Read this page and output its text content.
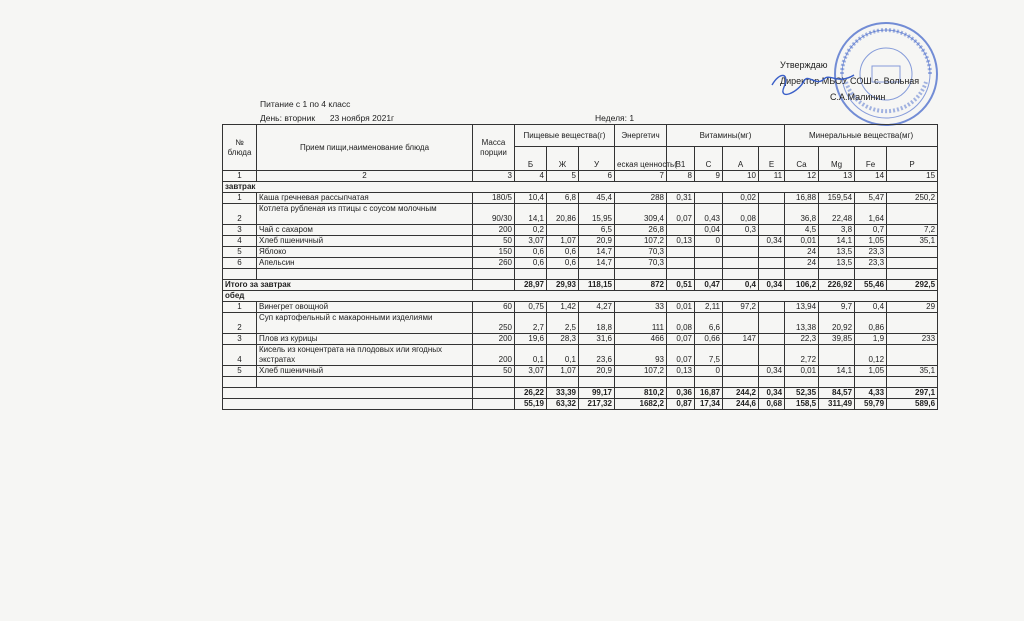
Утверждаю
Директор МБОУ СОШ с. Вольная
С.А.Малинин
Питание с 1 по 4 класс
День: вторник 23 ноября 2021г	Неделя: 1
№ блюда	Прием пищи,наименование блюда	Масса порции	Пищевые вещества(г)			Энергетич	Витамины(мг)				Минеральные вещества(мг)			
			Б	Ж	У	еская ценность(	B1	C	A	E	Ca	Mg	Fe	P
1	2	3	4	5	6	7	8	9	10	11	12	13	14	15
завтрак														
1	Каша гречневая рассыпчатая	180/5	10,4	6,8	45,4	288	0,31		0,02		16,88	159,54	5,47	250,2
2	Котлета рубленая из птицы с соусом молочным	90/30	14,1	20,86	15,95	309,4	0,07	0,43	0,08		36,8	22,48	1,64	
3	Чай с сахаром	200	0,2		6,5	26,8		0,04	0,3		4,5	3,8	0,7	7,2
4	Хлеб пшеничный	50	3,07	1,07	20,9	107,2	0,13	0		0,34	0,01	14,1	1,05	35,1
5	Яблоко	150	0,6	0,6	14,7	70,3					24	13,5	23,3	
6	Апельсин	260	0,6	0,6	14,7	70,3					24	13,5	23,3	

Итого за завтрак			28,97	29,93	118,15	872	0,51	0,47	0,4	0,34	106,2	226,92	55,46	292,5
обед														
1	Винегрет овощной	60	0,75	1,42	4,27	33	0,01	2,11	97,2		13,94	9,7	0,4	29
2	Суп картофельный с макаронными изделиями	250	2,7	2,5	18,8	111	0,08	6,6			13,38	20,92	0,86	
3	Плов из курицы	200	19,6	28,3	31,6	466	0,07	0,66	147		22,3	39,85	1,9	233
4	Кисель из концентрата на плодовых или ягодных экстратах	200	0,1	0,1	23,6	93	0,07	7,5			2,72		0,12	
5	Хлеб пшеничный	50	3,07	1,07	20,9	107,2	0,13	0		0,34	0,01	14,1	1,05	35,1

			26,22	33,39	99,17	810,2	0,36	16,87	244,2	0,34	52,35	84,57	4,33	297,1
			55,19	63,32	217,32	1682,2	0,87	17,34	244,6	0,68	158,5	311,49	59,79	589,6
